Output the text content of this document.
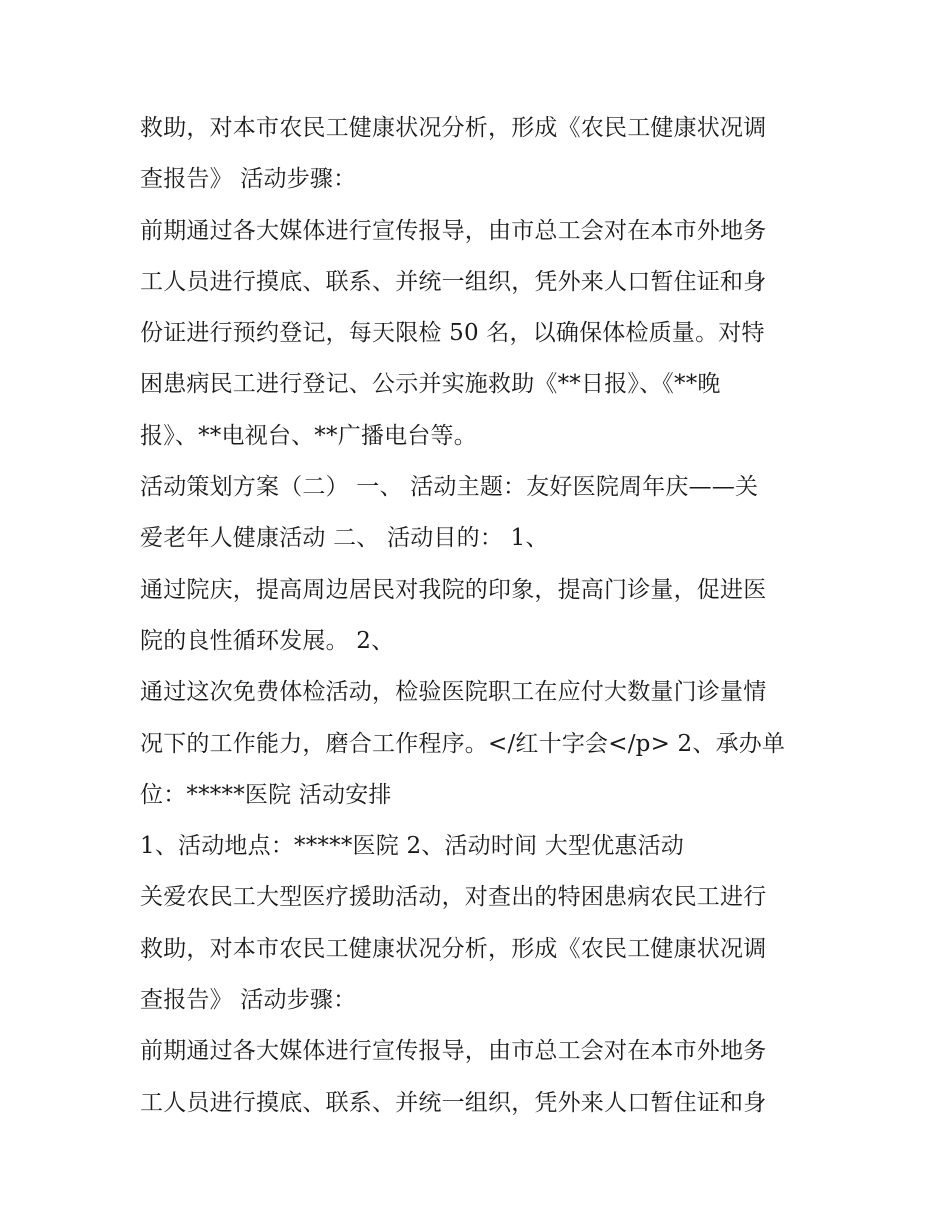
救助，对本市农民工健康状况分析，形成《农民工健康状况调
查报告》 活动步骤：
前期通过各大媒体进行宣传报导，由市总工会对在本市外地务
工人员进行摸底、联系、并统一组织，凭外来人口暂住证和身
份证进行预约登记，每天限检 50 名，以确保体检质量。对特
困患病民工进行登记、公示并实施救助《**日报》、《**晚
报》、**电视台、**广播电台等。
活动策划方案（二） 一、 活动主题：友好医院周年庆——关
爱老年人健康活动 二、 活动目的： 1、
通过院庆，提高周边居民对我院的印象，提高门诊量，促进医
院的良性循环发展。 2、
通过这次免费体检活动，检验医院职工在应付大数量门诊量情
况下的工作能力，磨合工作程序。</红十字会</p> 2、承办单
位：*****医院 活动安排
1、活动地点：*****医院 2、活动时间 大型优惠活动
关爱农民工大型医疗援助活动，对查出的特困患病农民工进行
救助，对本市农民工健康状况分析，形成《农民工健康状况调
查报告》 活动步骤：
前期通过各大媒体进行宣传报导，由市总工会对在本市外地务
工人员进行摸底、联系、并统一组织，凭外来人口暂住证和身
